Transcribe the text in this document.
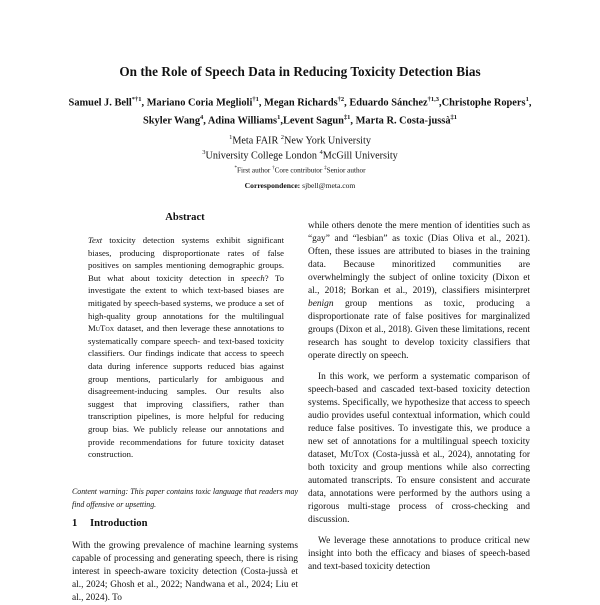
On the Role of Speech Data in Reducing Toxicity Detection Bias
Samuel J. Bell$^{*\dagger 1}$, Mariano Coria Meglioli$^{\dagger 1}$, Megan Richards$^{\dagger 2}$, Eduardo Sánchez$^{\dagger 1,3}$,Christophe Ropers$^1$, Skyler Wang$^4$, Adina Williams$^1$,Levent Sagun$^{\ddagger 1}$, Marta R. Costa-jussà$^{\ddagger 1}$
$^1$Meta FAIR $^2$New York University
$^3$University College London $^4$McGill University
*First author †Core contributor ‡Senior author
Correspondence: sjbell@meta.com
Abstract
Text toxicity detection systems exhibit significant biases, producing disproportionate rates of false positives on samples mentioning demographic groups. But what about toxicity detection in speech? To investigate the extent to which text-based biases are mitigated by speech-based systems, we produce a set of high-quality group annotations for the multilingual MuTox dataset, and then leverage these annotations to systematically compare speech- and text-based toxicity classifiers. Our findings indicate that access to speech data during inference supports reduced bias against group mentions, particularly for ambiguous and disagreement-inducing samples. Our results also suggest that improving classifiers, rather than transcription pipelines, is more helpful for reducing group bias. We publicly release our annotations and provide recommendations for future toxicity dataset construction.
Content warning: This paper contains toxic language that readers may find offensive or upsetting.
1 Introduction
With the growing prevalence of machine learning systems capable of processing and generating speech, there is rising interest in speech-aware toxicity detection (Costa-jussà et al., 2024; Ghosh et al., 2022; Nandwana et al., 2024; Liu et al., 2024). To

while others denote the mere mention of identities such as “gay” and “lesbian” as toxic (Dias Oliva et al., 2021). Often, these issues are attributed to biases in the training data. Because minoritized communities are overwhelmingly the subject of online toxicity (Dixon et al., 2018; Borkan et al., 2019), classifiers misinterpret benign group mentions as toxic, producing a disproportionate rate of false positives for marginalized groups (Dixon et al., 2018). Given these limitations, recent research has sought to develop toxicity classifiers that operate directly on speech.

In this work, we perform a systematic comparison of speech-based and cascaded text-based toxicity detection systems. Specifically, we hypothesize that access to speech audio provides useful contextual information, which could reduce false positives. To investigate this, we produce a new set of annotations for a multilingual speech toxicity dataset, MuTox (Costa-jussà et al., 2024), annotating for both toxicity and group mentions while also correcting automated transcripts. To ensure consistent and accurate data, annotations were performed by the authors using a rigorous multi-stage process of cross-checking and discussion.

We leverage these annotations to produce critical new insight into both the efficacy and biases of speech-based and text-based toxicity detection
